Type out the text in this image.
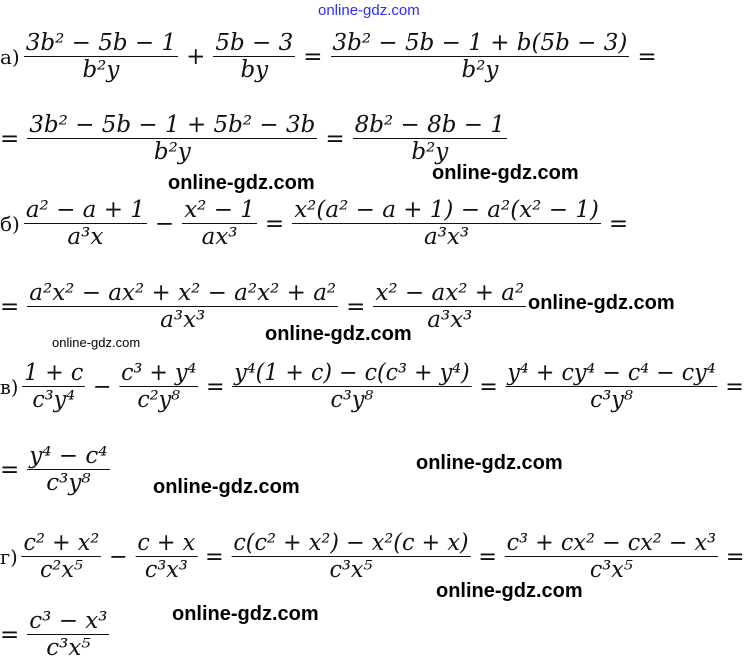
online-gdz.com
$а) \frac{\text{3b² − 5b − 1}}{\text{b²y}} + \frac{5b - 3}{by} = \frac{\text{3b² − 5b − 1 + b(5b − 3)}}{\text{b²y}}$ =
= $\frac{\text{3b² − 5b − 1 + 5b² − 3b}}{\text{b²y}} = \frac{\text{8b² − 8b − 1}}{\text{b²y}}$
$б) \frac{\text{a² − a + 1}}{\text{a³x}} - \frac{\text{x² − 1}}{\text{ax³}} = \frac{\text{x²(a² − a + 1) − a²(x² − 1)}}{\text{a³x³}}$ =
= $\frac{\text{a²x² − ax² + x² − a²x² + a²}}{\text{a³x³}} = \frac{\text{x² − ax² + a²}}{\text{a³x³}}$
$в) \frac{1 + c}{\text{c³y⁴}} - \frac{\text{c³ + y⁴}}{\text{c²y⁸}} = \frac{\text{y⁴(1 + c) − c(c³ + y⁴)}}{\text{c³y⁸}} = \frac{\text{y⁴ + cy⁴ − c⁴ − cy⁴}}{\text{c³y⁸}}$ =
= $\frac{\text{y⁴ − c⁴}}{\text{c³y⁸}}$
$г) \frac{\text{c² + x²}}{\text{c²x⁵}} - \frac{c + x}{\text{c³x³}} = \frac{\text{c(c² + x²) − x²(c + x)}}{\text{c³x⁵}} = \frac{\text{c³ + cx² − cx² − x³}}{\text{c³x⁵}}$ =
= $\frac{\text{c³ − x³}}{\text{c³x⁵}}$
online-gdz.com
online-gdz.com
online-gdz.com
online-gdz.com
online-gdz.com
online-gdz.com
online-gdz.com
online-gdz.com
online-gdz.com
